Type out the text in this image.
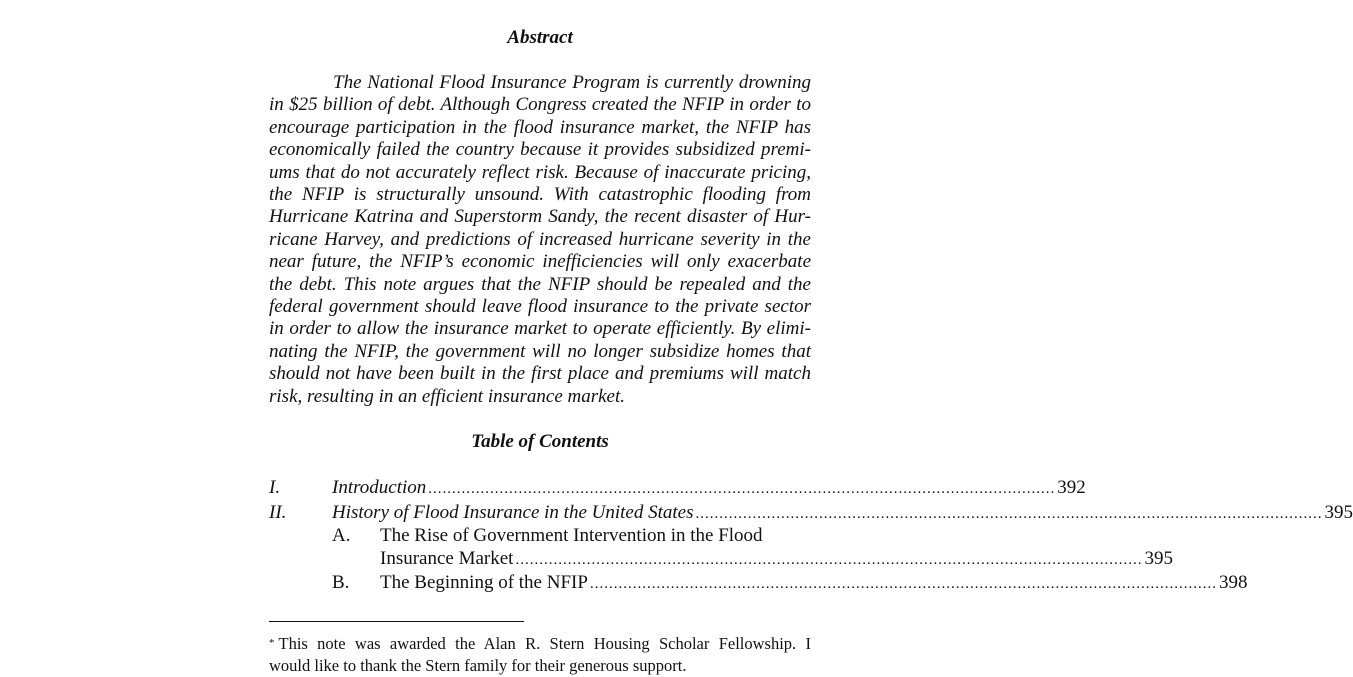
Abstract
The National Flood Insurance Program is currently drowning
in $25 billion of debt. Although Congress created the NFIP in order to
encourage participation in the flood insurance market, the NFIP has
economically failed the country because it provides subsidized premi-
ums that do not accurately reflect risk. Because of inaccurate pricing,
the NFIP is structurally unsound. With catastrophic flooding from
Hurricane Katrina and Superstorm Sandy, the recent disaster of Hur-
ricane Harvey, and predictions of increased hurricane severity in the
near future, the NFIP’s economic inefficiencies will only exacerbate
the debt. This note argues that the NFIP should be repealed and the
federal government should leave flood insurance to the private sector
in order to allow the insurance market to operate efficiently. By elimi-
nating the NFIP, the government will no longer subsidize homes that
should not have been built in the first place and premiums will match
risk, resulting in an efficient insurance market.
Table of Contents
I.	Introduction .................................................................................................................................... 392
II. History of Flood Insurance in the United States .................................................................................................................................... 395
A. The Rise of Government Intervention in the Flood
Insurance Market .................................................................................................................................... 395
B. The Beginning of the NFIP .................................................................................................................................... 398
* This note was awarded the Alan R. Stern Housing Scholar Fellowship. I
would like to thank the Stern family for their generous support.
